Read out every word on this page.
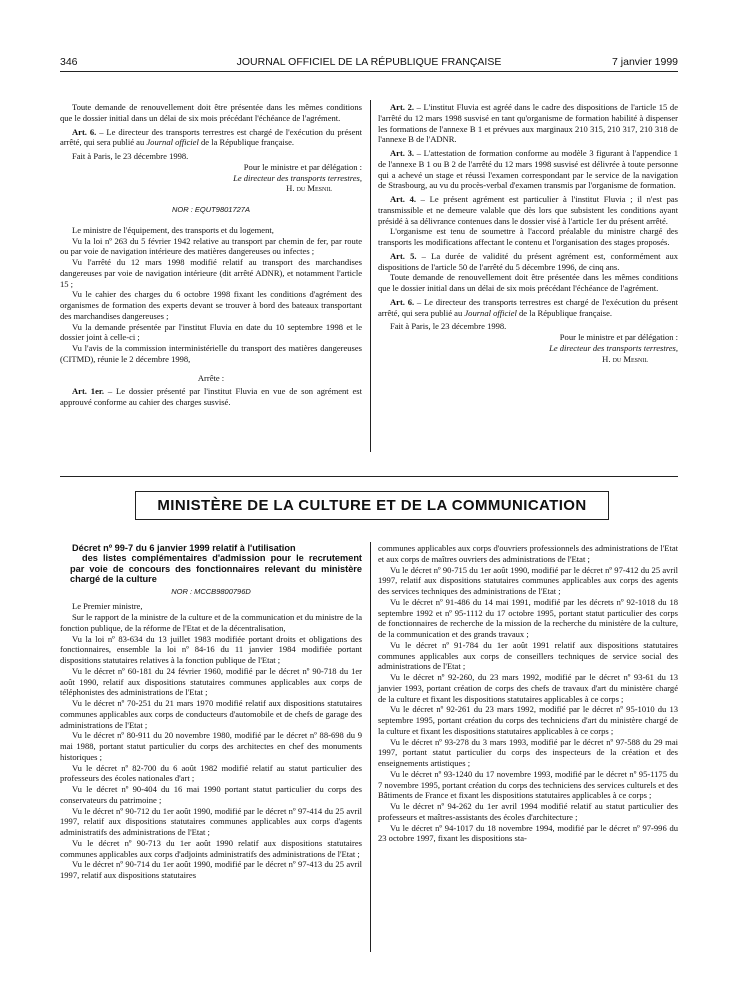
346	JOURNAL OFFICIEL DE LA RÉPUBLIQUE FRANÇAISE	7 janvier 1999

Toute demande de renouvellement doit être présentée dans les mêmes conditions que le dossier initial dans un délai de six mois précédant l'échéance de l'agrément.

Art. 6. – Le directeur des transports terrestres est chargé de l'exécution du présent arrêté, qui sera publié au Journal officiel de la République française.

Fait à Paris, le 23 décembre 1998.

Pour le ministre et par délégation :

Le directeur des transports terrestres,

H. du Mesnil

NOR : EQUT9801727A

Le ministre de l'équipement, des transports et du logement,

Vu la loi nº 263 du 5 février 1942 relative au transport par chemin de fer, par route ou par voie de navigation intérieure des matières dangereuses ou infectes ;

Vu l'arrêté du 12 mars 1998 modifié relatif au transport des marchandises dangereuses par voie de navigation intérieure (dit arrêté ADNR), et notamment l'article 15 ;

Vu le cahier des charges du 6 octobre 1998 fixant les conditions d'agrément des organismes de formation des experts devant se trouver à bord des bateaux transportant des marchandises dangereuses ;

Vu la demande présentée par l'institut Fluvia en date du 10 septembre 1998 et le dossier joint à celle-ci ;

Vu l'avis de la commission interministérielle du transport des matières dangereuses (CITMD), réunie le 2 décembre 1998,

Arrête :

Art. 1er. – Le dossier présenté par l'institut Fluvia en vue de son agrément est approuvé conforme au cahier des charges susvisé.

Art. 2. – L'institut Fluvia est agréé dans le cadre des dispositions de l'article 15 de l'arrêté du 12 mars 1998 susvisé en tant qu'organisme de formation habilité à dispenser les formations de l'annexe B 1 et prévues aux marginaux 210 315, 210 317, 210 318 de l'annexe B de l'ADNR.

Art. 3. – L'attestation de formation conforme au modèle 3 figurant à l'appendice 1 de l'annexe B 1 ou B 2 de l'arrêté du 12 mars 1998 susvisé est délivrée à toute personne qui a achevé un stage et réussi l'examen correspondant par le service de la navigation de Strasbourg, au vu du procès-verbal d'examen transmis par l'organisme de formation.

Art. 4. – Le présent agrément est particulier à l'institut Fluvia ; il n'est pas transmissible et ne demeure valable que dès lors que subsistent les conditions ayant présidé à sa délivrance contenues dans le dossier visé à l'article 1er du présent arrêté.

L'organisme est tenu de soumettre à l'accord préalable du ministre chargé des transports les modifications affectant le contenu et l'organisation des stages proposés.

Art. 5. – La durée de validité du présent agrément est, conformément aux dispositions de l'article 50 de l'arrêté du 5 décembre 1996, de cinq ans.

Toute demande de renouvellement doit être présentée dans les mêmes conditions que le dossier initial dans un délai de six mois précédant l'échéance de l'agrément.

Art. 6. – Le directeur des transports terrestres est chargé de l'exécution du présent arrêté, qui sera publié au Journal officiel de la République française.

Fait à Paris, le 23 décembre 1998.

Pour le ministre et par délégation :

Le directeur des transports terrestres,

H. du Mesnil

MINISTÈRE DE LA CULTURE ET DE LA COMMUNICATION

Décret nº 99-7 du 6 janvier 1999 relatif à l'utilisation
des listes complémentaires d'admission pour le recrutement par voie de concours des fonctionnaires relevant du ministère chargé de la culture

NOR : MCCB9800796D

Le Premier ministre,

Sur le rapport de la ministre de la culture et de la communication et du ministre de la fonction publique, de la réforme de l'Etat et de la décentralisation,

Vu la loi nº 83-634 du 13 juillet 1983 modifiée portant droits et obligations des fonctionnaires, ensemble la loi nº 84-16 du 11 janvier 1984 modifiée portant dispositions statutaires relatives à la fonction publique de l'Etat ;

Vu le décret nº 60-181 du 24 février 1960, modifié par le décret nº 90-718 du 1er août 1990, relatif aux dispositions statutaires communes applicables aux corps de téléphonistes des administrations de l'Etat ;

Vu le décret nº 70-251 du 21 mars 1970 modifié relatif aux dispositions statutaires communes applicables aux corps de conducteurs d'automobile et de chefs de garage des administrations de l'Etat ;

Vu le décret nº 80-911 du 20 novembre 1980, modifié par le décret nº 88-698 du 9 mai 1988, portant statut particulier du corps des architectes en chef des monuments historiques ;

Vu le décret nº 82-700 du 6 août 1982 modifié relatif au statut particulier des professeurs des écoles nationales d'art ;

Vu le décret nº 90-404 du 16 mai 1990 portant statut particulier du corps des conservateurs du patrimoine ;

Vu le décret nº 90-712 du 1er août 1990, modifié par le décret nº 97-414 du 25 avril 1997, relatif aux dispositions statutaires communes applicables aux corps d'agents administratifs des administrations de l'Etat ;

Vu le décret nº 90-713 du 1er août 1990 relatif aux dispositions statutaires communes applicables aux corps d'adjoints administratifs des administrations de l'Etat ;

Vu le décret nº 90-714 du 1er août 1990, modifié par le décret nº 97-413 du 25 avril 1997, relatif aux dispositions statutaires

communes applicables aux corps d'ouvriers professionnels des administrations de l'Etat et aux corps de maîtres ouvriers des administrations de l'Etat ;

Vu le décret nº 90-715 du 1er août 1990, modifié par le décret nº 97-412 du 25 avril 1997, relatif aux dispositions statutaires communes applicables aux corps des agents des services techniques des administrations de l'Etat ;

Vu le décret nº 91-486 du 14 mai 1991, modifié par les décrets nº 92-1018 du 18 septembre 1992 et nº 95-1112 du 17 octobre 1995, portant statut particulier des corps de fonctionnaires de recherche de la mission de la recherche du ministère de la culture, de la communication et des grands travaux ;

Vu le décret nº 91-784 du 1er août 1991 relatif aux dispositions statutaires communes applicables aux corps de conseillers techniques de service social des administrations de l'Etat ;

Vu le décret nº 92-260, du 23 mars 1992, modifié par le décret nº 93-61 du 13 janvier 1993, portant création de corps des chefs de travaux d'art du ministère chargé de la culture et fixant les dispositions statutaires applicables à ce corps ;

Vu le décret nº 92-261 du 23 mars 1992, modifié par le décret nº 95-1010 du 13 septembre 1995, portant création du corps des techniciens d'art du ministère chargé de la culture et fixant les dispositions statutaires applicables à ce corps ;

Vu le décret nº 93-278 du 3 mars 1993, modifié par le décret nº 97-588 du 29 mai 1997, portant statut particulier du corps des inspecteurs de la création et des enseignements artistiques ;

Vu le décret nº 93-1240 du 17 novembre 1993, modifié par le décret nº 95-1175 du 7 novembre 1995, portant création du corps des techniciens des services culturels et des Bâtiments de France et fixant les dispositions statutaires applicables à ce corps ;

Vu le décret nº 94-262 du 1er avril 1994 modifié relatif au statut particulier des professeurs et maîtres-assistants des écoles d'architecture ;

Vu le décret nº 94-1017 du 18 novembre 1994, modifié par le décret nº 97-996 du 23 octobre 1997, fixant les dispositions sta-
